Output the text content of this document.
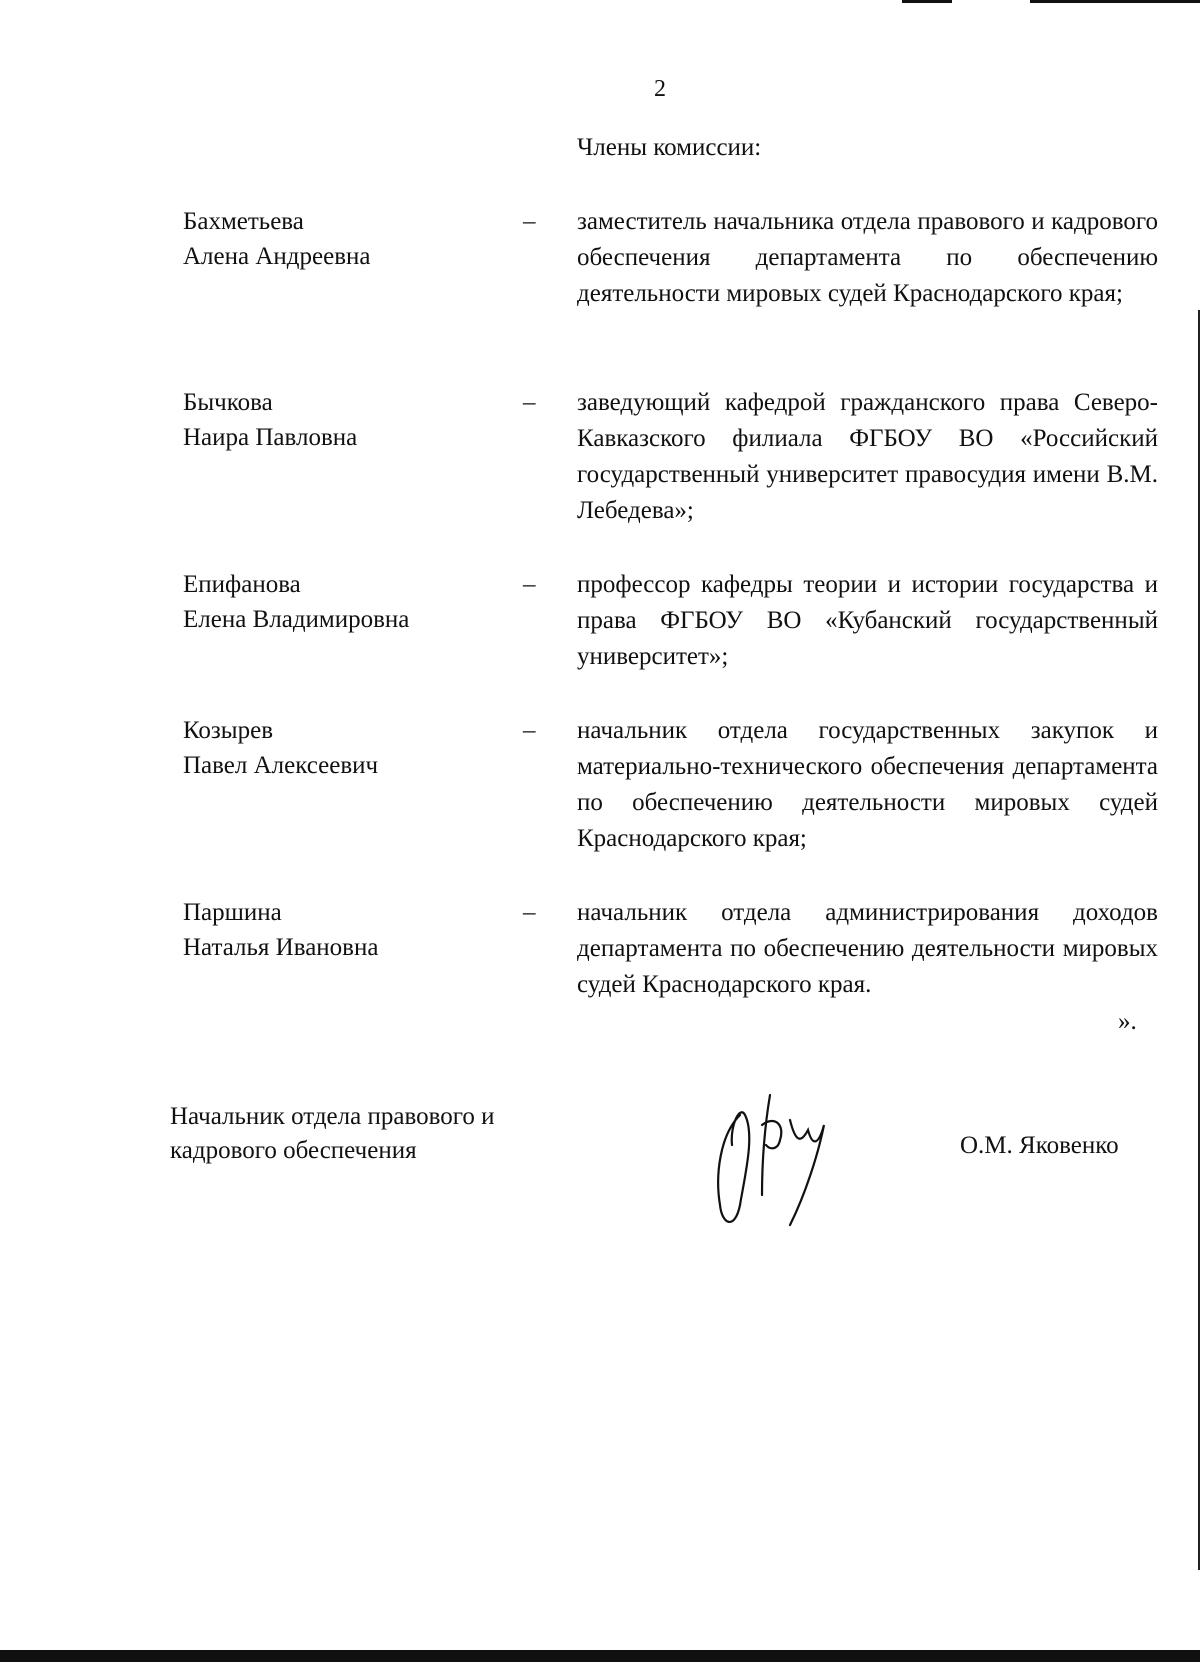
2
Члены комиссии:
Бахметьева
Алена Андреевна
– заместитель начальника отдела правового и кадрового обеспечения департамента по обеспечению деятельности мировых судей Краснодарского края;
Бычкова
Наира Павловна
– заведующий кафедрой гражданского права Северо-Кавказского филиала ФГБОУ ВО «Российский государственный университет правосудия имени В.М. Лебедева»;
Епифанова
Елена Владимировна
– профессор кафедры теории и истории государства и права ФГБОУ ВО «Кубанский государственный университет»;
Козырев
Павел Алексеевич
– начальник отдела государственных закупок и материально-технического обеспечения департамента по обеспечению деятельности мировых судей Краснодарского края;
Паршина
Наталья Ивановна
– начальник отдела администрирования доходов департамента по обеспечению деятельности мировых судей Краснодарского края.
».
Начальник отдела правового и
кадрового обеспечения	О.М. Яковенко
